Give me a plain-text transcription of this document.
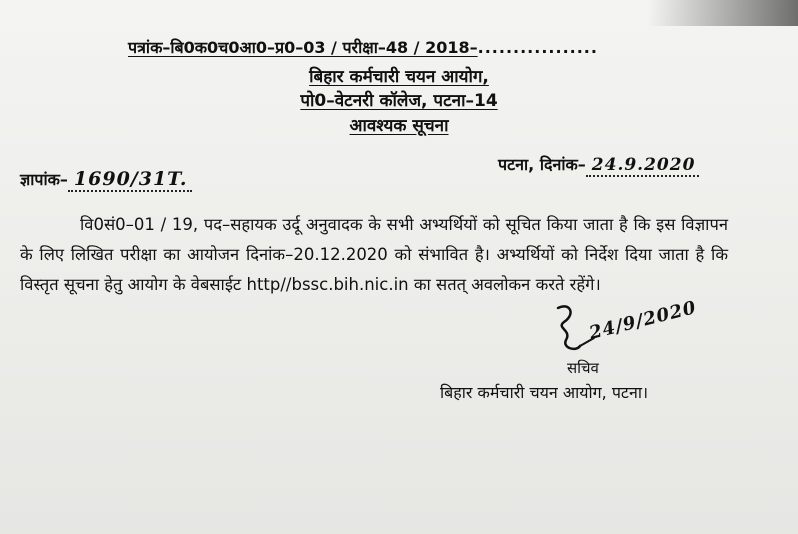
पत्रांक–बि0क0च0आ0–प्र0–03 / परीक्षा–48 / 2018–.................
बिहार कर्मचारी चयन आयोग,
पो0–वेटनरी कॉलेज, पटना–14
आवश्यक सूचना
ज्ञापांक– 1690/31T.
पटना, दिनांक– 24.9.2020
वि0सं0–01 / 19, पद–सहायक उर्दू अनुवादक के सभी अभ्यर्थियों को सूचित किया जाता है कि इस विज्ञापन के लिए लिखित परीक्षा का आयोजन दिनांक–20.12.2020 को संभावित है। अभ्यर्थियों को निर्देश दिया जाता है कि विस्तृत सूचना हेतु आयोग के वेबसाईट http//bssc.bih.nic.in का सतत् अवलोकन करते रहेंगे।
24/9/2020
सचिव
बिहार कर्मचारी चयन आयोग, पटना।
